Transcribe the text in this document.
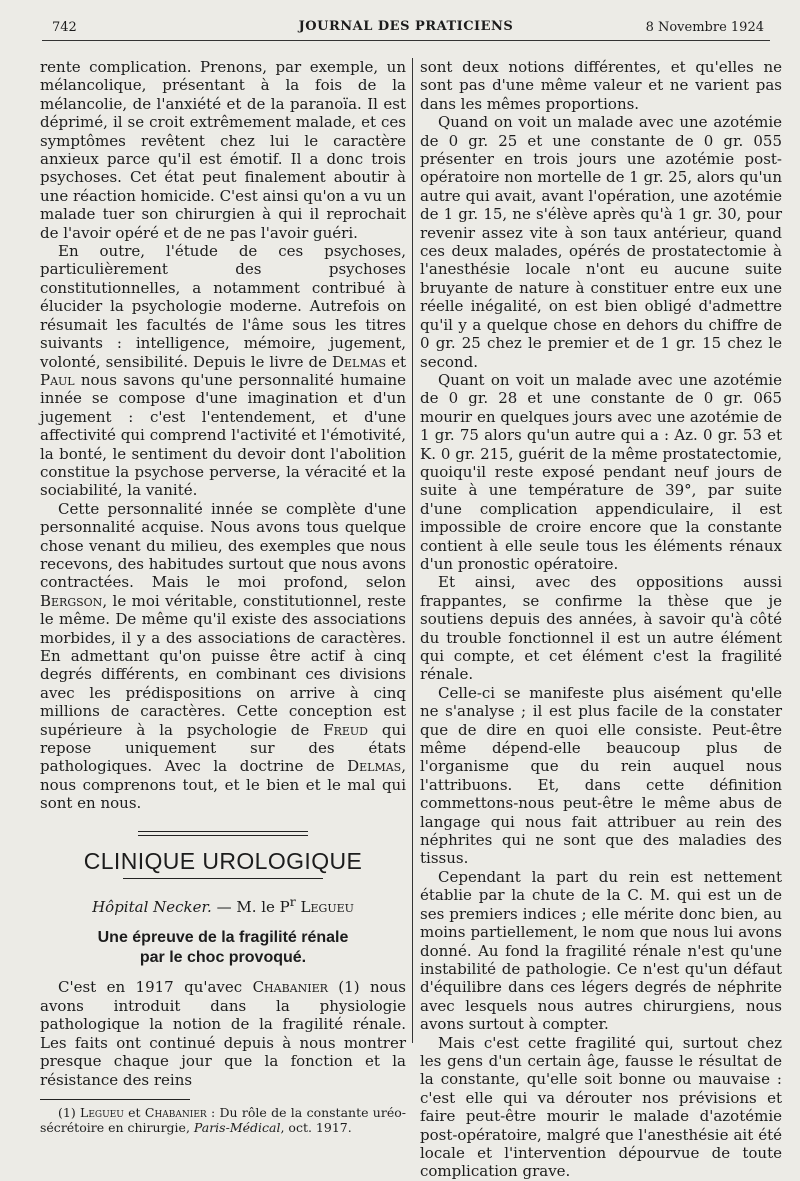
742	JOURNAL DES PRATICIENS	8 Novembre 1924

rente complication. Prenons, par exemple, un mélancolique, présentant à la fois de la mélancolie, de l'anxiété et de la paranoïa. Il est déprimé, il se croit extrêmement malade, et ces symptômes revêtent chez lui le caractère anxieux parce qu'il est émotif. Il a donc trois psychoses. Cet état peut finalement aboutir à une réaction homicide. C'est ainsi qu'on a vu un malade tuer son chirurgien à qui il reprochait de l'avoir opéré et de ne pas l'avoir guéri.

En outre, l'étude de ces psychoses, particulièrement des psychoses constitutionnelles, a notamment contribué à élucider la psychologie moderne. Autrefois on résumait les facultés de l'âme sous les titres suivants : intelligence, mémoire, jugement, volonté, sensibilité. Depuis le livre de Delmas et Paul nous savons qu'une personnalité humaine innée se compose d'une imagination et d'un jugement : c'est l'entendement, et d'une affectivité qui comprend l'activité et l'émotivité, la bonté, le sentiment du devoir dont l'abolition constitue la psychose perverse, la véracité et la sociabilité, la vanité.

Cette personnalité innée se complète d'une personnalité acquise. Nous avons tous quelque chose venant du milieu, des exemples que nous recevons, des habitudes surtout que nous avons contractées. Mais le moi profond, selon Bergson, le moi véritable, constitutionnel, reste le même. De même qu'il existe des associations morbides, il y a des associations de caractères. En admettant qu'on puisse être actif à cinq degrés différents, en combinant ces divisions avec les prédispositions on arrive à cinq millions de caractères. Cette conception est supérieure à la psychologie de Freud qui repose uniquement sur des états pathologiques. Avec la doctrine de Delmas, nous comprenons tout, et le bien et le mal qui sont en nous.

CLINIQUE UROLOGIQUE
Hôpital Necker. — M. le $P^r$ Legueu
Une épreuve de la fragilité rénale
par le choc provoqué.

C'est en 1917 qu'avec Chabanier (1) nous avons introduit dans la physiologie pathologique la notion de la fragilité rénale. Les faits ont continué depuis à nous montrer presque chaque jour que la fonction et la résistance des reins

(1) Legueu et Chabanier : Du rôle de la constante uréo-sécrétoire en chirurgie, Paris-Médical, oct. 1917.

sont deux notions différentes, et qu'elles ne sont pas d'une même valeur et ne varient pas dans les mêmes proportions.

Quand on voit un malade avec une azotémie de 0 gr. 25 et une constante de 0 gr. 055 présenter en trois jours une azotémie post-opératoire non mortelle de 1 gr. 25, alors qu'un autre qui avait, avant l'opération, une azotémie de 1 gr. 15, ne s'élève après qu'à 1 gr. 30, pour revenir assez vite à son taux antérieur, quand ces deux malades, opérés de prostatectomie à l'anesthésie locale n'ont eu aucune suite bruyante de nature à constituer entre eux une réelle inégalité, on est bien obligé d'admettre qu'il y a quelque chose en dehors du chiffre de 0 gr. 25 chez le premier et de 1 gr. 15 chez le second.

Quant on voit un malade avec une azotémie de 0 gr. 28 et une constante de 0 gr. 065 mourir en quelques jours avec une azotémie de 1 gr. 75 alors qu'un autre qui a : Az. 0 gr. 53 et K. 0 gr. 215, guérit de la même prostatectomie, quoiqu'il reste exposé pendant neuf jours de suite à une température de 39°, par suite d'une complication appendiculaire, il est impossible de croire encore que la constante contient à elle seule tous les éléments rénaux d'un pronostic opératoire.

Et ainsi, avec des oppositions aussi frappantes, se confirme la thèse que je soutiens depuis des années, à savoir qu'à côté du trouble fonctionnel il est un autre élément qui compte, et cet élément c'est la fragilité rénale.

Celle-ci se manifeste plus aisément qu'elle ne s'analyse ; il est plus facile de la constater que de dire en quoi elle consiste. Peut-être même dépend-elle beaucoup plus de l'organisme que du rein auquel nous l'attribuons. Et, dans cette définition commettons-nous peut-être le même abus de langage qui nous fait attribuer au rein des néphrites qui ne sont que des maladies des tissus.

Cependant la part du rein est nettement établie par la chute de la C. M. qui est un de ses premiers indices ; elle mérite donc bien, au moins partiellement, le nom que nous lui avons donné. Au fond la fragilité rénale n'est qu'une instabilité de pathologie. Ce n'est qu'un défaut d'équilibre dans ces légers degrés de néphrite avec lesquels nous autres chirurgiens, nous avons surtout à compter.

Mais c'est cette fragilité qui, surtout chez les gens d'un certain âge, fausse le résultat de la constante, qu'elle soit bonne ou mauvaise : c'est elle qui va dérouter nos prévisions et faire peut-être mourir le malade d'azotémie post-opératoire, malgré que l'anesthésie ait été locale et l'intervention dépourvue de toute complication grave.
